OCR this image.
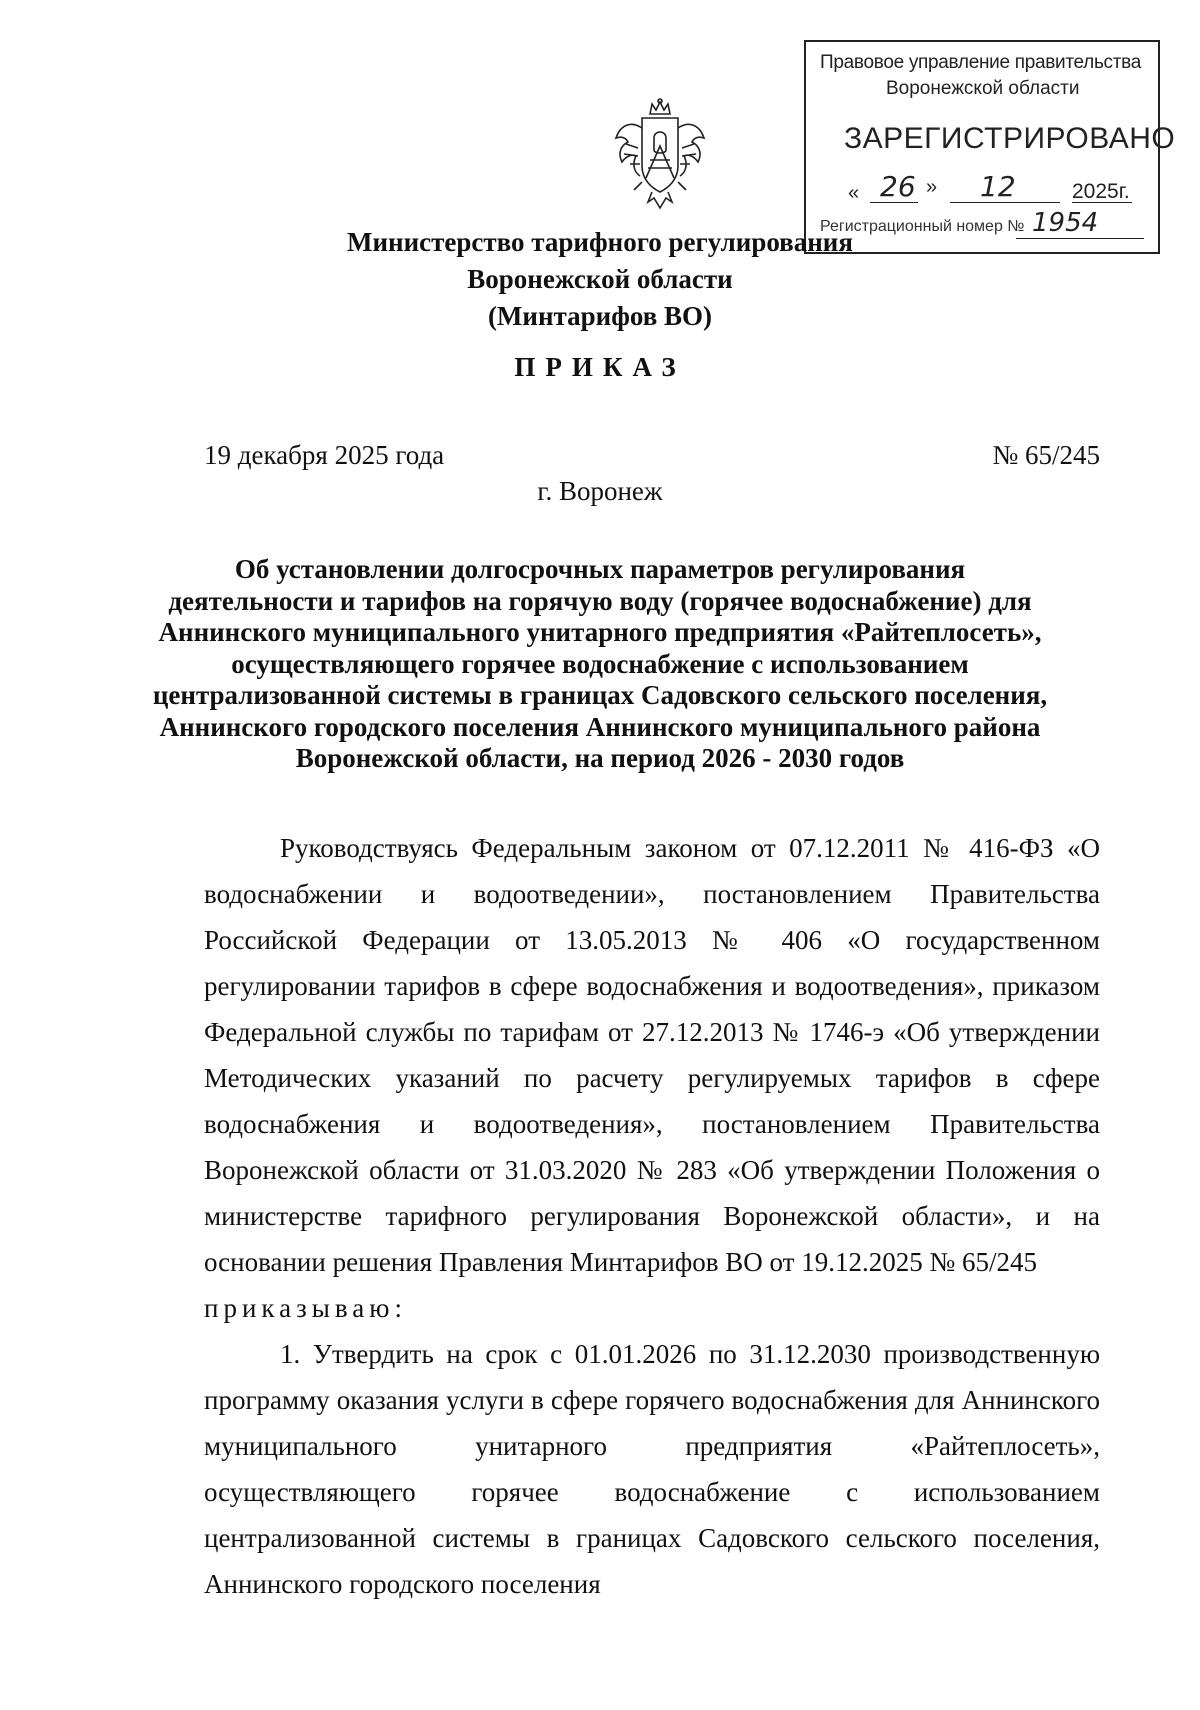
Правовое управление правительства
Воронежской области
ЗАРЕГИСТРИРОВАНО
« 26 » 12	2025г.
Регистрационный номер № 1954
Министерство тарифного регулирования
Воронежской области
(Минтарифов ВО)
ПРИКАЗ
19 декабря 2025 года	№ 65/245
г. Воронеж
Об установлении долгосрочных параметров регулирования
деятельности и тарифов на горячую воду (горячее водоснабжение) для
Аннинского муниципального унитарного предприятия «Райтеплосеть»,
осуществляющего горячее водоснабжение с использованием
централизованной системы в границах Садовского сельского поселения,
Аннинского городского поселения Аннинского муниципального района
Воронежской области, на период 2026 - 2030 годов

Руководствуясь Федеральным законом от 07.12.2011 № 416-ФЗ «О водоснабжении и водоотведении», постановлением Правительства Российской Федерации от 13.05.2013 № 406 «О государственном регулировании тарифов в сфере водоснабжения и водоотведения», приказом Федеральной службы по тарифам от 27.12.2013 № 1746-э «Об утверждении Методических указаний по расчету регулируемых тарифов в сфере водоснабжения и водоотведения», постановлением Правительства Воронежской области от 31.03.2020 № 283 «Об утверждении Положения о министерстве тарифного регулирования Воронежской области», и на основании решения Правления Минтарифов ВО от 19.12.2025 № 65/245

приказываю:

1. Утвердить на срок с 01.01.2026 по 31.12.2030 производственную программу оказания услуги в сфере горячего водоснабжения для Аннинского муниципального унитарного предприятия «Райтеплосеть», осуществляющего горячее водоснабжение с использованием централизованной системы в границах Садовского сельского поселения, Аннинского городского поселения
